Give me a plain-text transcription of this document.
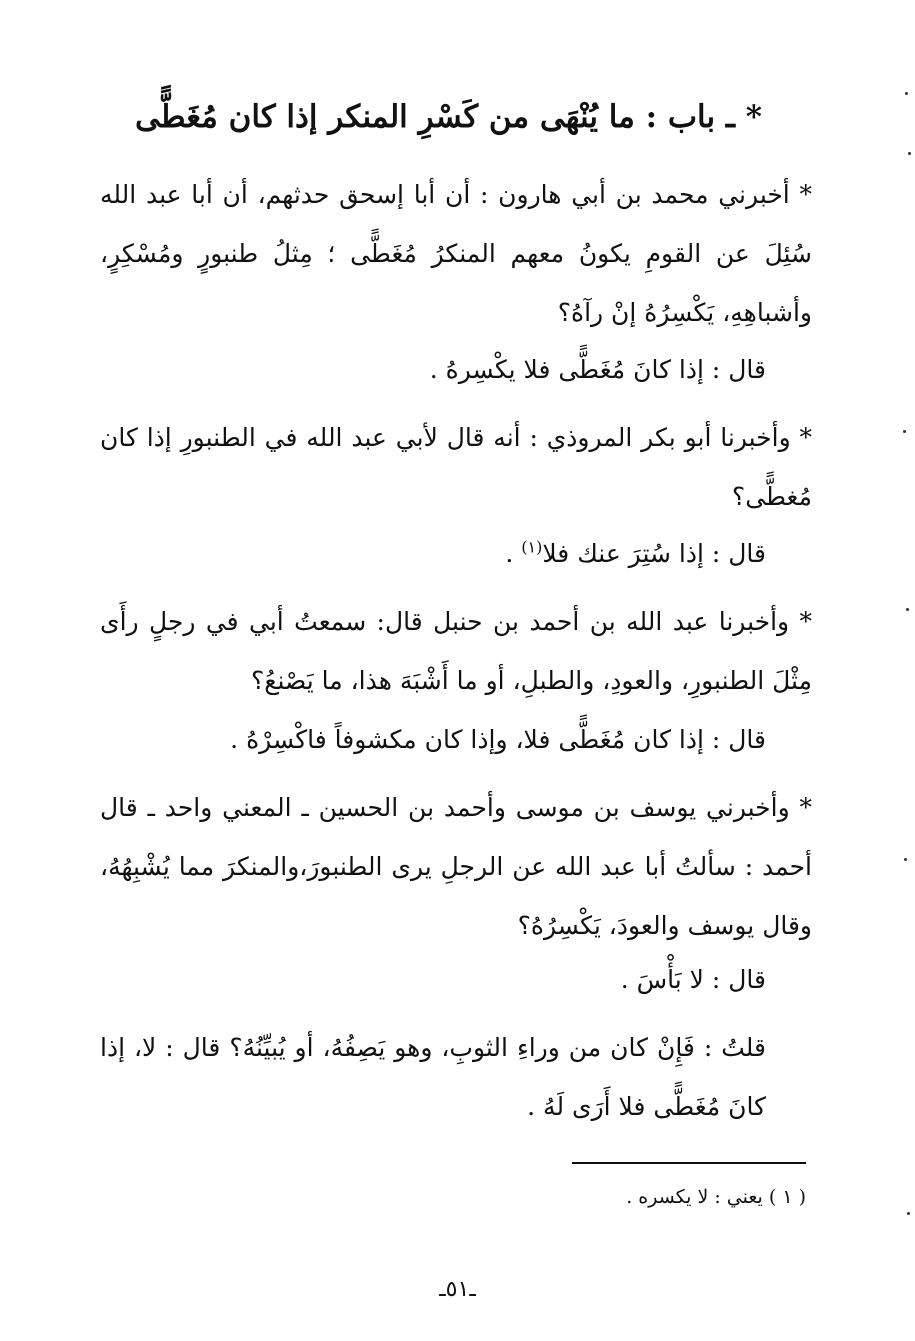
* ـ باب : ما يُنْهَى من كَسْرِ المنكر إذا كان مُغَطًّى

* أخبرني محمد بن أبي هارون : أن أبا إسحق حدثهم، أن أبا عبد الله سُئِلَ عن القومِ يكونُ معهم المنكرُ مُغَطًّى ؛ مِثلُ طنبورٍ ومُسْكِرٍ، وأشباهِهِ، يَكْسِرُهُ إنْ رآهُ؟

قال : إذا كانَ مُغَطًّى فلا يكْسِرهُ .

* وأخبرنا أبو بكر المروذي : أنه قال لأبي عبد الله في الطنبورِ إذا كان مُغطًّى؟

قال : إذا سُتِرَ عنك فلا$^{(١)}$ .

* وأخبرنا عبد الله بن أحمد بن حنبل قال: سمعتُ أبي في رجلٍ رأَى مِثْلَ الطنبورِ، والعودِ، والطبلِ، أو ما أَشْبَهَ هذا، ما يَصْنعُ؟

قال : إذا كان مُغَطًّى فلا، وإذا كان مكشوفاً فاكْسِرْهُ .

* وأخبرني يوسف بن موسى وأحمد بن الحسين ـ المعني واحد ـ قال أحمد : سألتُ أبا عبد الله عن الرجلِ يرى الطنبورَ،والمنكرَ مما يُشْبِهُهُ، وقال يوسف والعودَ، يَكْسِرُهُ؟

قال : لا بَأْسَ .

قلتُ : فَإِنْ كان من وراءِ الثوبِ، وهو يَصِفُهُ، أو يُبيِّنُهُ؟ قال : لا، إذا كانَ مُغَطًّى فلا أَرَى لَهُ .

( ١ ) يعني : لا يكسره .
ـ٥١ـ
